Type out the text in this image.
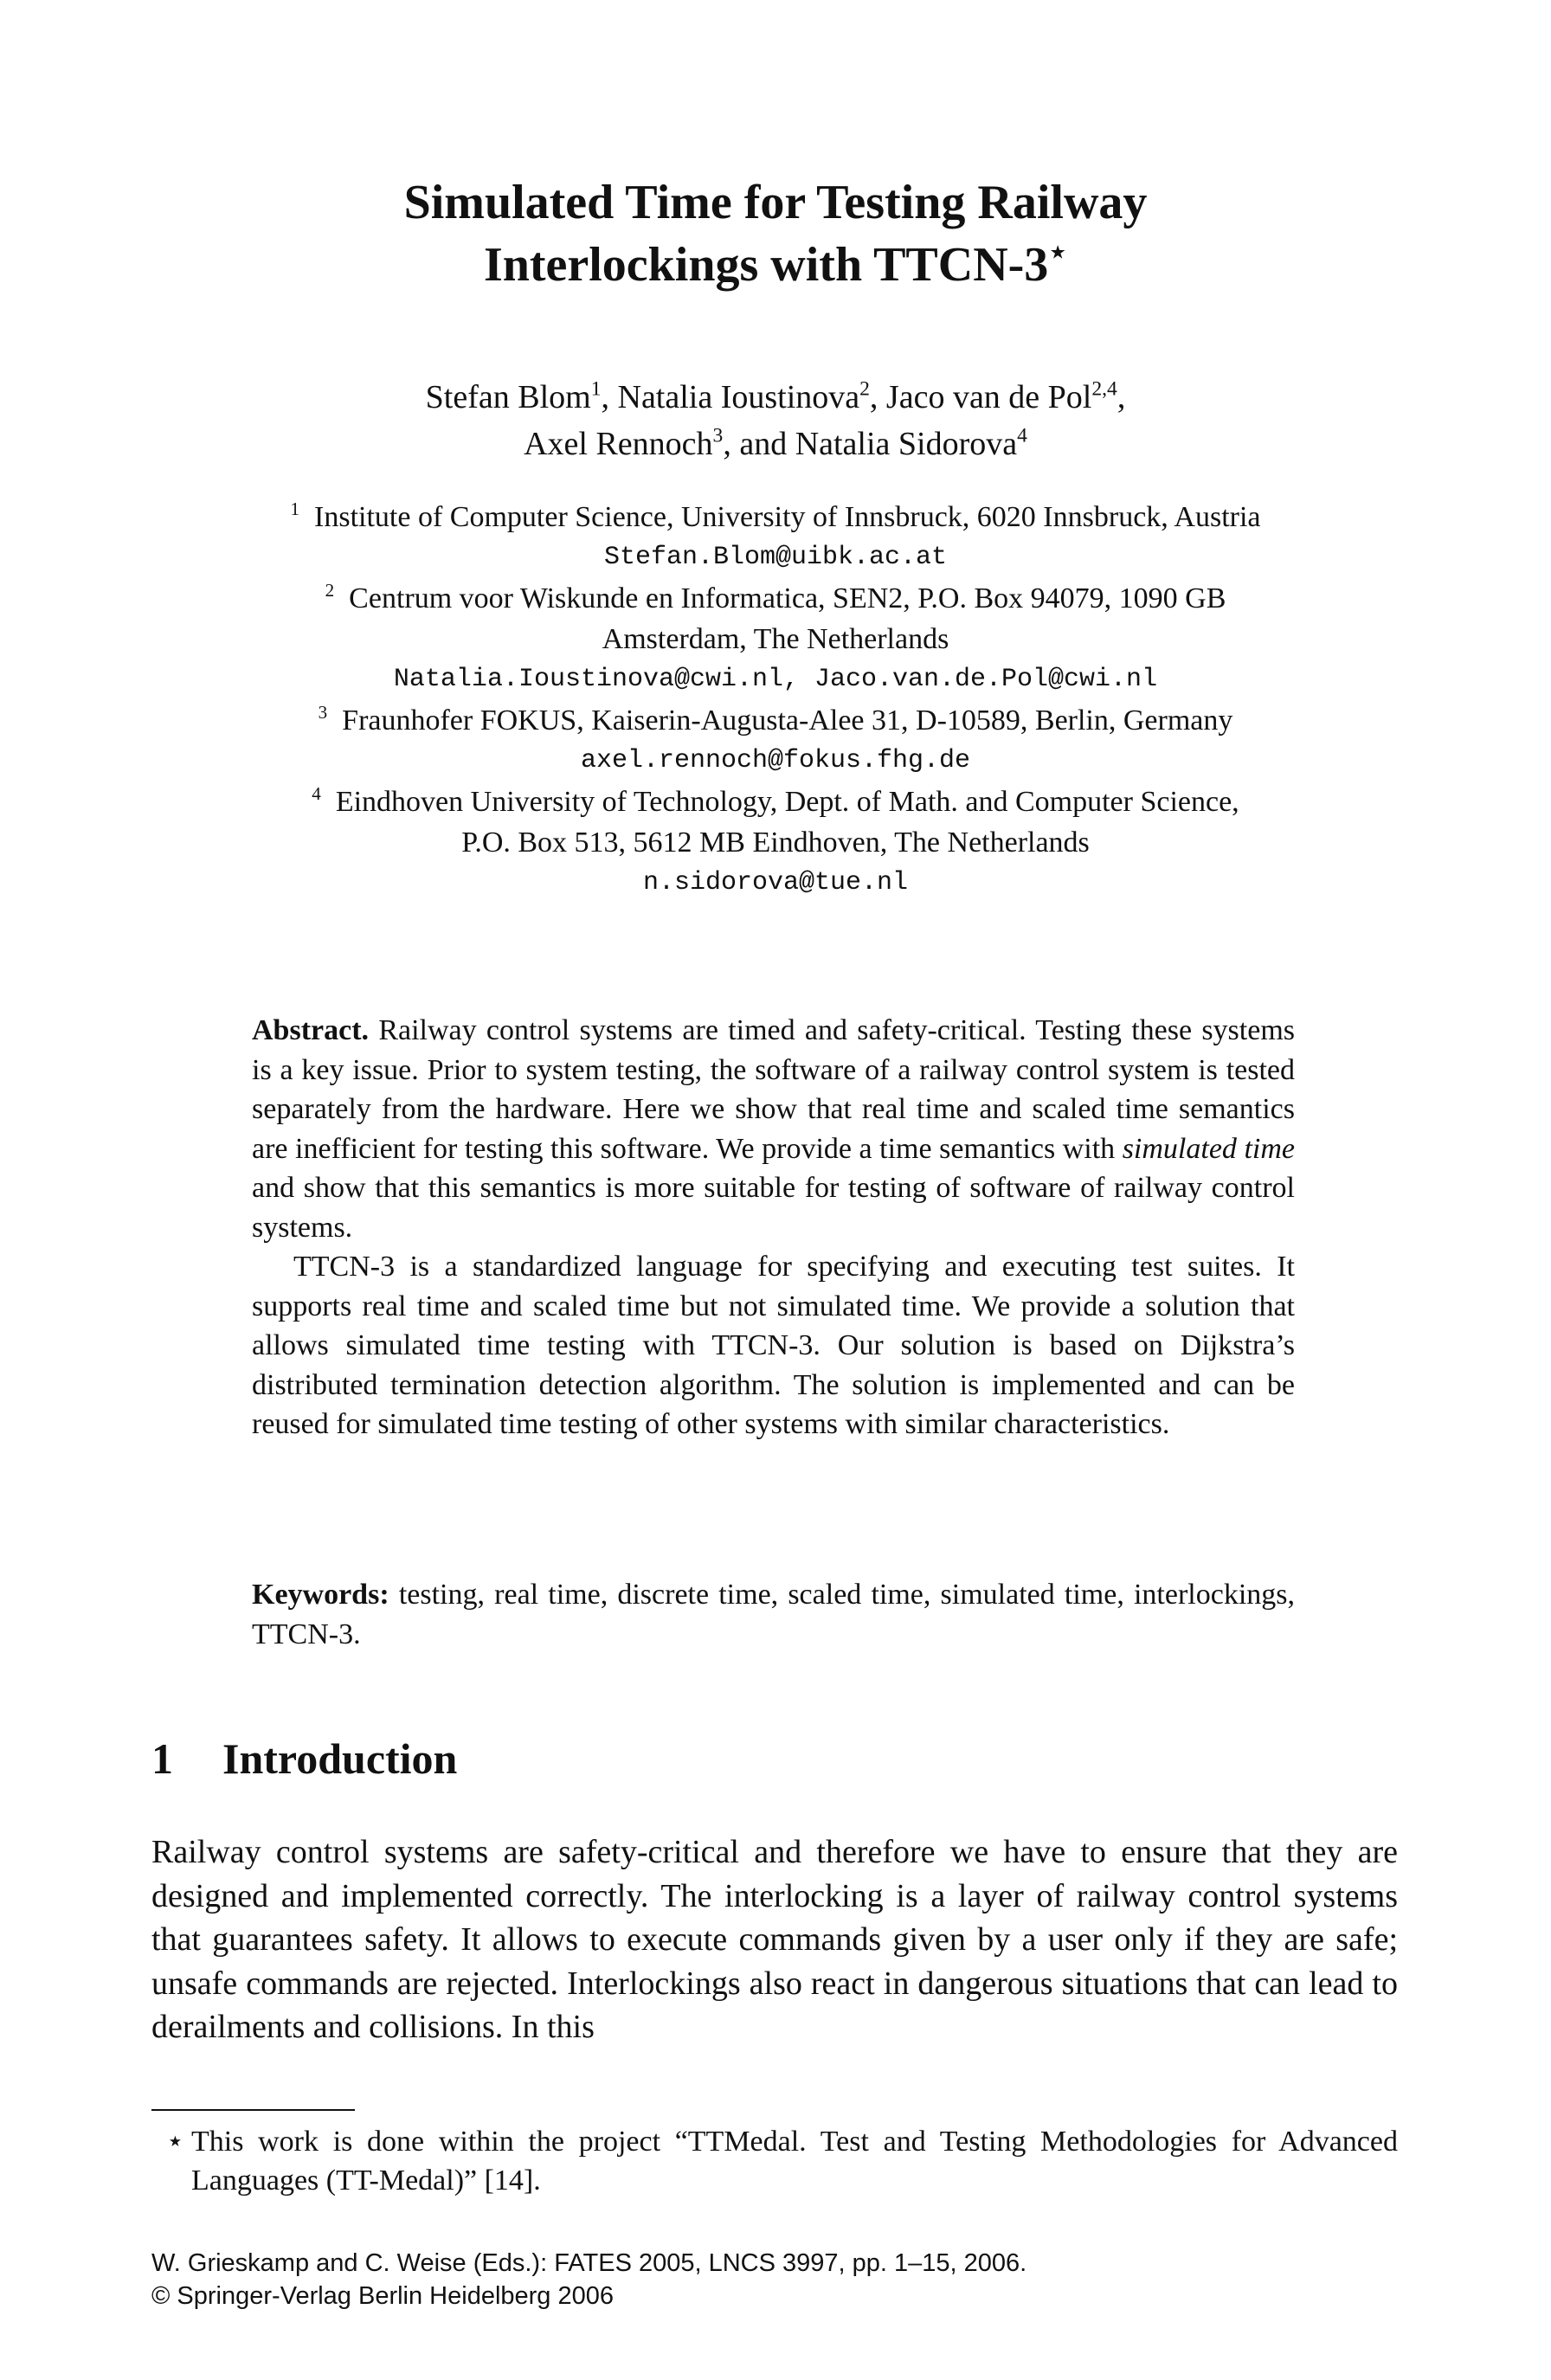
Simulated Time for Testing Railway
Interlockings with TTCN-3⋆
Stefan Blom$^1$, Natalia Ioustinova$^2$, Jaco van de Pol$^{2,4}$,
Axel Rennoch$^3$, and Natalia Sidorova$^4$
$^1$ Institute of Computer Science, University of Innsbruck, 6020 Innsbruck, Austria
Stefan.Blom@uibk.ac.at
$^2$ Centrum voor Wiskunde en Informatica, SEN2, P.O. Box 94079, 1090 GB
Amsterdam, The Netherlands
Natalia.Ioustinova@cwi.nl, Jaco.van.de.Pol@cwi.nl
$^3$ Fraunhofer FOKUS, Kaiserin-Augusta-Alee 31, D-10589, Berlin, Germany
axel.rennoch@fokus.fhg.de
$^4$ Eindhoven University of Technology, Dept. of Math. and Computer Science,
P.O. Box 513, 5612 MB Eindhoven, The Netherlands
n.sidorova@tue.nl

Abstract. Railway control systems are timed and safety-critical. Testing these systems is a key issue. Prior to system testing, the software of a railway control system is tested separately from the hardware. Here we show that real time and scaled time semantics are inefficient for testing this software. We provide a time semantics with simulated time and show that this semantics is more suitable for testing of software of railway control systems.

TTCN-3 is a standardized language for specifying and executing test suites. It supports real time and scaled time but not simulated time. We provide a solution that allows simulated time testing with TTCN-3. Our solution is based on Dijkstra’s distributed termination detection algorithm. The solution is implemented and can be reused for simulated time testing of other systems with similar characteristics.

Keywords: testing, real time, discrete time, scaled time, simulated time, interlockings, TTCN-3.

1 Introduction

Railway control systems are safety-critical and therefore we have to ensure that they are designed and implemented correctly. The interlocking is a layer of railway control systems that guarantees safety. It allows to execute commands given by a user only if they are safe; unsafe commands are rejected. Interlockings also react in dangerous situations that can lead to derailments and collisions. In this

⋆ This work is done within the project “TTMedal. Test and Testing Methodologies for Advanced Languages (TT-Medal)” [14].
W. Grieskamp and C. Weise (Eds.): FATES 2005, LNCS 3997, pp. 1–15, 2006.
© Springer-Verlag Berlin Heidelberg 2006
